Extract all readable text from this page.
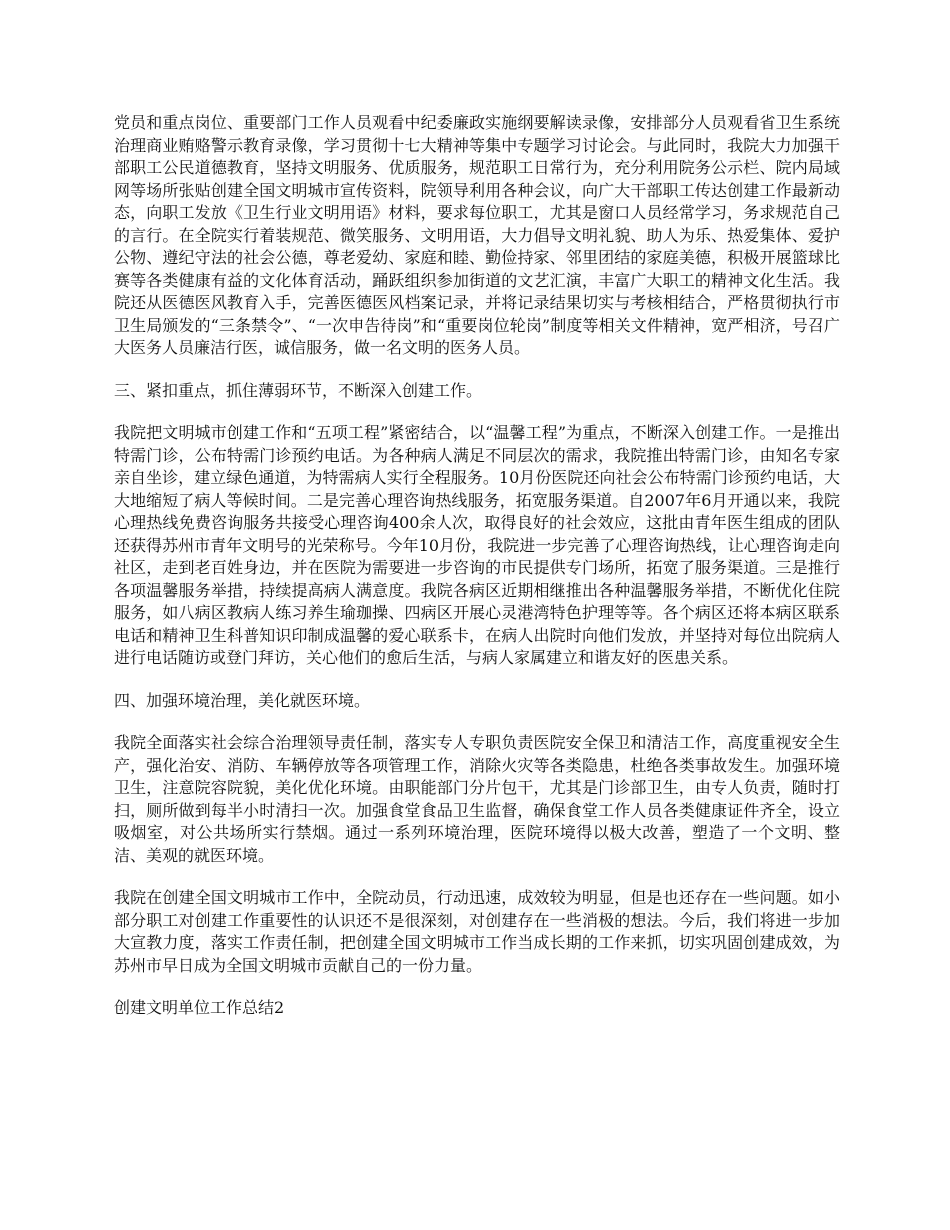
党员和重点岗位、重要部门工作人员观看中纪委廉政实施纲要解读录像，安排部分人员观看省卫生系统治理商业贿赂警示教育录像，学习贯彻十七大精神等集中专题学习讨论会。与此同时，我院大力加强干部职工公民道德教育，坚持文明服务、优质服务，规范职工日常行为，充分利用院务公示栏、院内局域网等场所张贴创建全国文明城市宣传资料，院领导利用各种会议，向广大干部职工传达创建工作最新动态，向职工发放《卫生行业文明用语》材料，要求每位职工，尤其是窗口人员经常学习，务求规范自己的言行。在全院实行着装规范、微笑服务、文明用语，大力倡导文明礼貌、助人为乐、热爱集体、爱护公物、遵纪守法的社会公德，尊老爱幼、家庭和睦、勤俭持家、邻里团结的家庭美德，积极开展篮球比赛等各类健康有益的文化体育活动，踊跃组织参加街道的文艺汇演，丰富广大职工的精神文化生活。我院还从医德医风教育入手，完善医德医风档案记录，并将记录结果切实与考核相结合，严格贯彻执行市卫生局颁发的“三条禁令”、“一次申告待岗”和“重要岗位轮岗”制度等相关文件精神，宽严相济，号召广大医务人员廉洁行医，诚信服务，做一名文明的医务人员。

三、紧扣重点，抓住薄弱环节，不断深入创建工作。

我院把文明城市创建工作和“五项工程”紧密结合，以“温馨工程”为重点，不断深入创建工作。一是推出特需门诊，公布特需门诊预约电话。为各种病人满足不同层次的需求，我院推出特需门诊，由知名专家亲自坐诊，建立绿色通道，为特需病人实行全程服务。10月份医院还向社会公布特需门诊预约电话，大大地缩短了病人等候时间。二是完善心理咨询热线服务，拓宽服务渠道。自2007年6月开通以来，我院心理热线免费咨询服务共接受心理咨询400余人次，取得良好的社会效应，这批由青年医生组成的团队还获得苏州市青年文明号的光荣称号。今年10月份，我院进一步完善了心理咨询热线，让心理咨询走向社区，走到老百姓身边，并在医院为需要进一步咨询的市民提供专门场所，拓宽了服务渠道。三是推行各项温馨服务举措，持续提高病人满意度。我院各病区近期相继推出各种温馨服务举措，不断优化住院服务，如八病区教病人练习养生瑜珈操、四病区开展心灵港湾特色护理等等。各个病区还将本病区联系电话和精神卫生科普知识印制成温馨的爱心联系卡，在病人出院时向他们发放，并坚持对每位出院病人进行电话随访或登门拜访，关心他们的愈后生活，与病人家属建立和谐友好的医患关系。

四、加强环境治理，美化就医环境。

我院全面落实社会综合治理领导责任制，落实专人专职负责医院安全保卫和清洁工作，高度重视安全生产，强化治安、消防、车辆停放等各项管理工作，消除火灾等各类隐患，杜绝各类事故发生。加强环境卫生，注意院容院貌，美化优化环境。由职能部门分片包干，尤其是门诊部卫生，由专人负责，随时打扫，厕所做到每半小时清扫一次。加强食堂食品卫生监督，确保食堂工作人员各类健康证件齐全，设立吸烟室，对公共场所实行禁烟。通过一系列环境治理，医院环境得以极大改善，塑造了一个文明、整洁、美观的就医环境。

我院在创建全国文明城市工作中，全院动员，行动迅速，成效较为明显，但是也还存在一些问题。如小部分职工对创建工作重要性的认识还不是很深刻，对创建存在一些消极的想法。今后，我们将进一步加大宣教力度，落实工作责任制，把创建全国文明城市工作当成长期的工作来抓，切实巩固创建成效，为苏州市早日成为全国文明城市贡献自己的一份力量。

创建文明单位工作总结2
